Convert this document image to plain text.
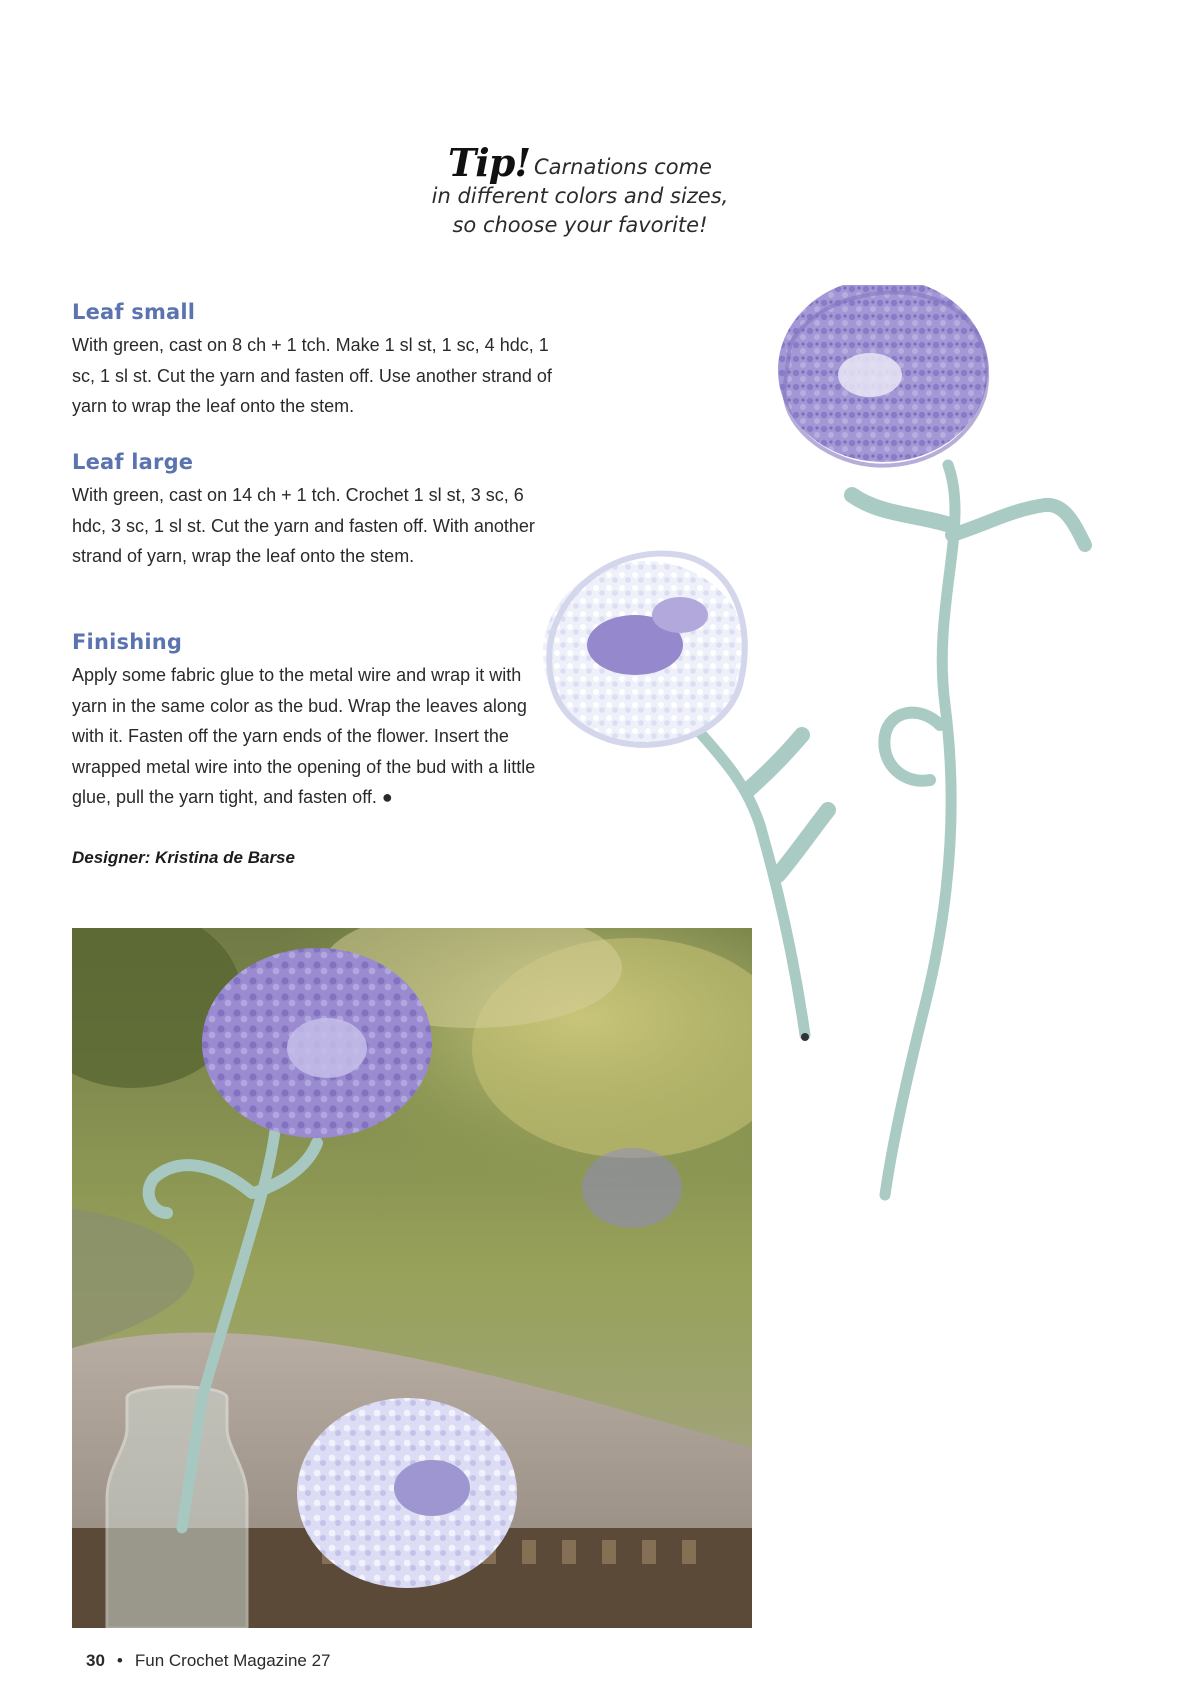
Tip! Carnations come
in different colors and sizes,
so choose your favorite!
Leaf small

With green, cast on 8 ch + 1 tch. Make 1 sl st, 1 sc, 4 hdc, 1 sc, 1 sl st. Cut the yarn and fasten off. Use another strand of yarn to wrap the leaf onto the stem.

Leaf large

With green, cast on 14 ch + 1 tch. Crochet 1 sl st, 3 sc, 6 hdc, 3 sc, 1 sl st. Cut the yarn and fasten off. With another strand of yarn, wrap the leaf onto the stem.

Finishing

Apply some fabric glue to the metal wire and wrap it with yarn in the same color as the bud. Wrap the leaves along with it. Fasten off the yarn ends of the flower. Insert the wrapped metal wire into the opening of the bud with a little glue, pull the yarn tight, and fasten off. ●

Designer: Kristina de Barse
30 • Fun Crochet Magazine 27
